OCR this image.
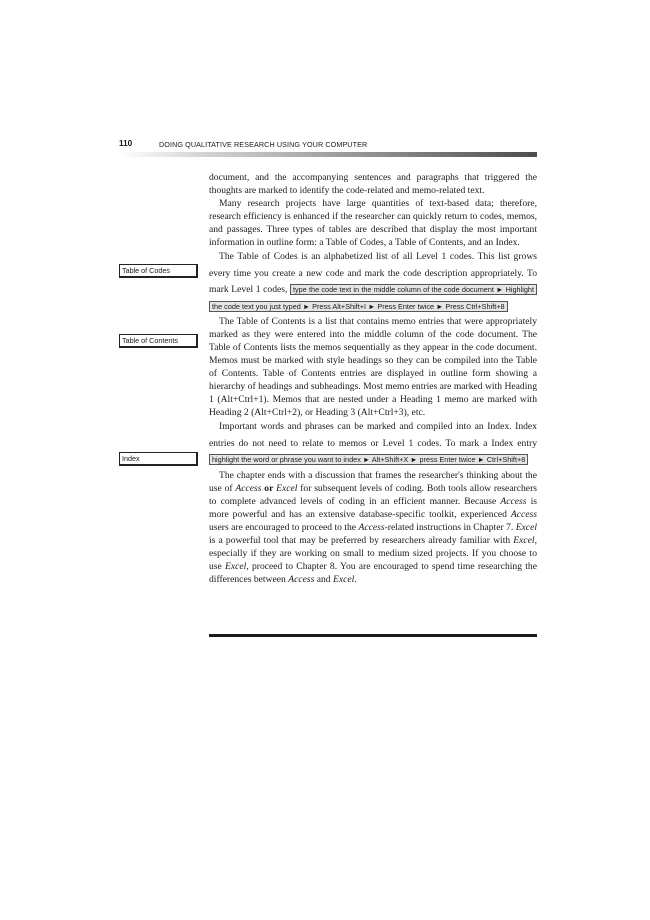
110	DOING QUALITATIVE RESEARCH USING YOUR COMPUTER
Table of Codes
Table of Contents
Index

document, and the accompanying sentences and paragraphs that triggered the thoughts are marked to identify the code-related and memo-related text.

Many research projects have large quantities of text-based data; therefore, research efficiency is enhanced if the researcher can quickly return to codes, memos, and passages. Three types of tables are described that display the most important information in outline form: a Table of Codes, a Table of Contents, and an Index.

The Table of Codes is an alphabetized list of all Level 1 codes. This list grows every time you create a new code and mark the code description appropriately. To mark Level 1 codes, type the code text in the middle column of the code document ► Highlight the code text you just typed ► Press Alt+Shift+I ► Press Enter twice ► Press Ctrl+Shift+8

The Table of Contents is a list that contains memo entries that were appropriately marked as they were entered into the middle column of the code document. The Table of Contents lists the memos sequentially as they appear in the code document. Memos must be marked with style headings so they can be compiled into the Table of Contents. Table of Contents entries are displayed in outline form showing a hierarchy of headings and subheadings. Most memo entries are marked with Heading 1 (Alt+Ctrl+1). Memos that are nested under a Heading 1 memo are marked with Heading 2 (Alt+Ctrl+2), or Heading 3 (Alt+Ctrl+3), etc.

Important words and phrases can be marked and compiled into an Index. Index entries do not need to relate to memos or Level 1 codes. To mark a Index entry highlight the word or phrase you want to index ► Alt+Shift+X ► press Enter twice ► Ctrl+Shift+8

The chapter ends with a discussion that frames the researcher's thinking about the use of Access or Excel for subsequent levels of coding. Both tools allow researchers to complete advanced levels of coding in an efficient manner. Because Access is more powerful and has an extensive database-specific toolkit, experienced Access users are encouraged to proceed to the Access-related instructions in Chapter 7. Excel is a powerful tool that may be preferred by researchers already familiar with Excel, especially if they are working on small to medium sized projects. If you choose to use Excel, proceed to Chapter 8. You are encouraged to spend time researching the differences between Access and Excel.
